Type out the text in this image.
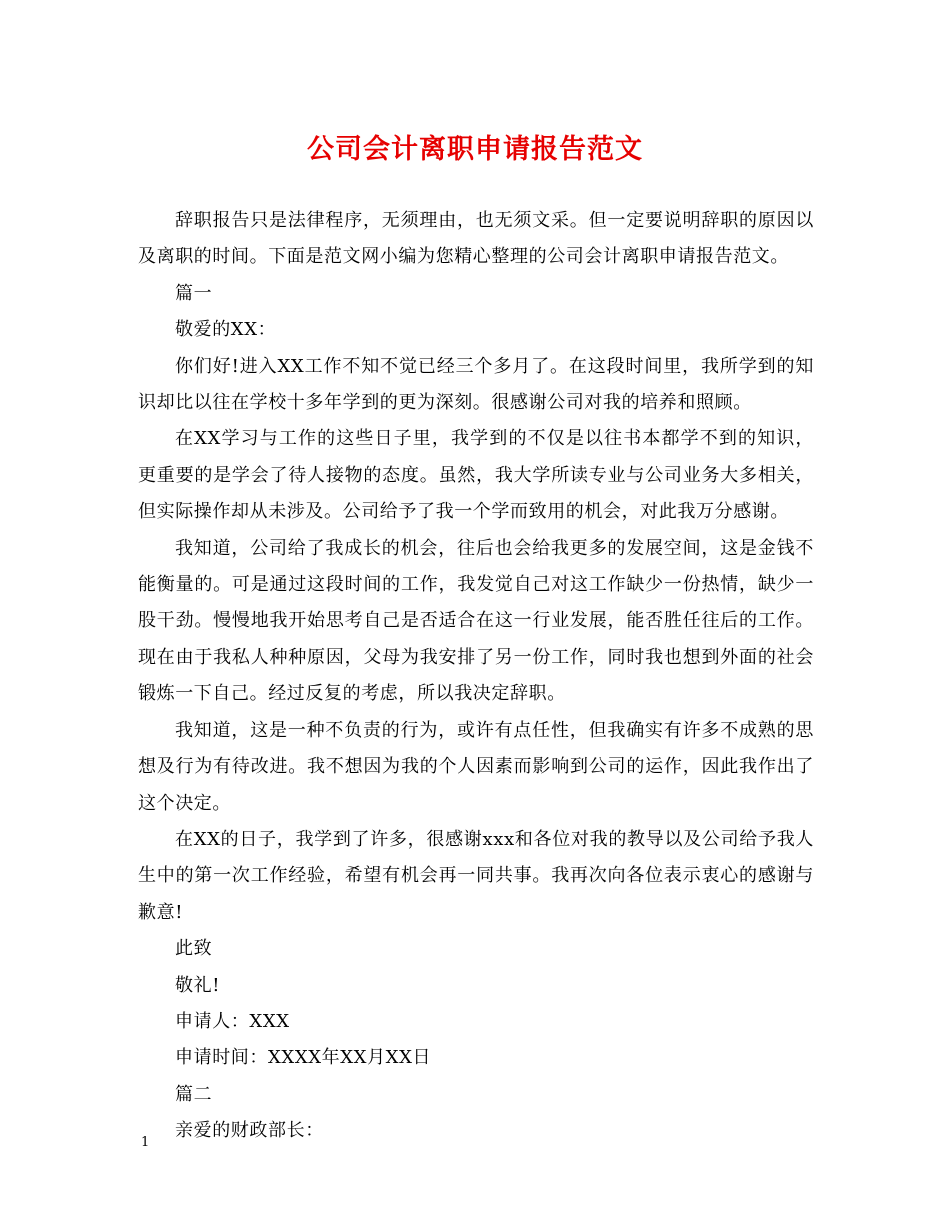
公司会计离职申请报告范文

辞职报告只是法律程序，无须理由，也无须文采。但一定要说明辞职的原因以及离职的时间。下面是范文网小编为您精心整理的公司会计离职申请报告范文。

篇一

敬爱的XX：

你们好!进入XX工作不知不觉已经三个多月了。在这段时间里，我所学到的知识却比以往在学校十多年学到的更为深刻。很感谢公司对我的培养和照顾。

在XX学习与工作的这些日子里，我学到的不仅是以往书本都学不到的知识，更重要的是学会了待人接物的态度。虽然，我大学所读专业与公司业务大多相关，但实际操作却从未涉及。公司给予了我一个学而致用的机会，对此我万分感谢。

我知道，公司给了我成长的机会，往后也会给我更多的发展空间，这是金钱不能衡量的。可是通过这段时间的工作，我发觉自己对这工作缺少一份热情，缺少一股干劲。慢慢地我开始思考自己是否适合在这一行业发展，能否胜任往后的工作。现在由于我私人种种原因，父母为我安排了另一份工作，同时我也想到外面的社会锻炼一下自己。经过反复的考虑，所以我决定辞职。

我知道，这是一种不负责的行为，或许有点任性，但我确实有许多不成熟的思想及行为有待改进。我不想因为我的个人因素而影响到公司的运作，因此我作出了这个决定。

在XX的日子，我学到了许多，很感谢xxx和各位对我的教导以及公司给予我人生中的第一次工作经验，希望有机会再一同共事。我再次向各位表示衷心的感谢与歉意!

此致

敬礼!

申请人：XXX

申请时间：XXXX年XX月XX日

篇二

亲爱的财政部长：

1
